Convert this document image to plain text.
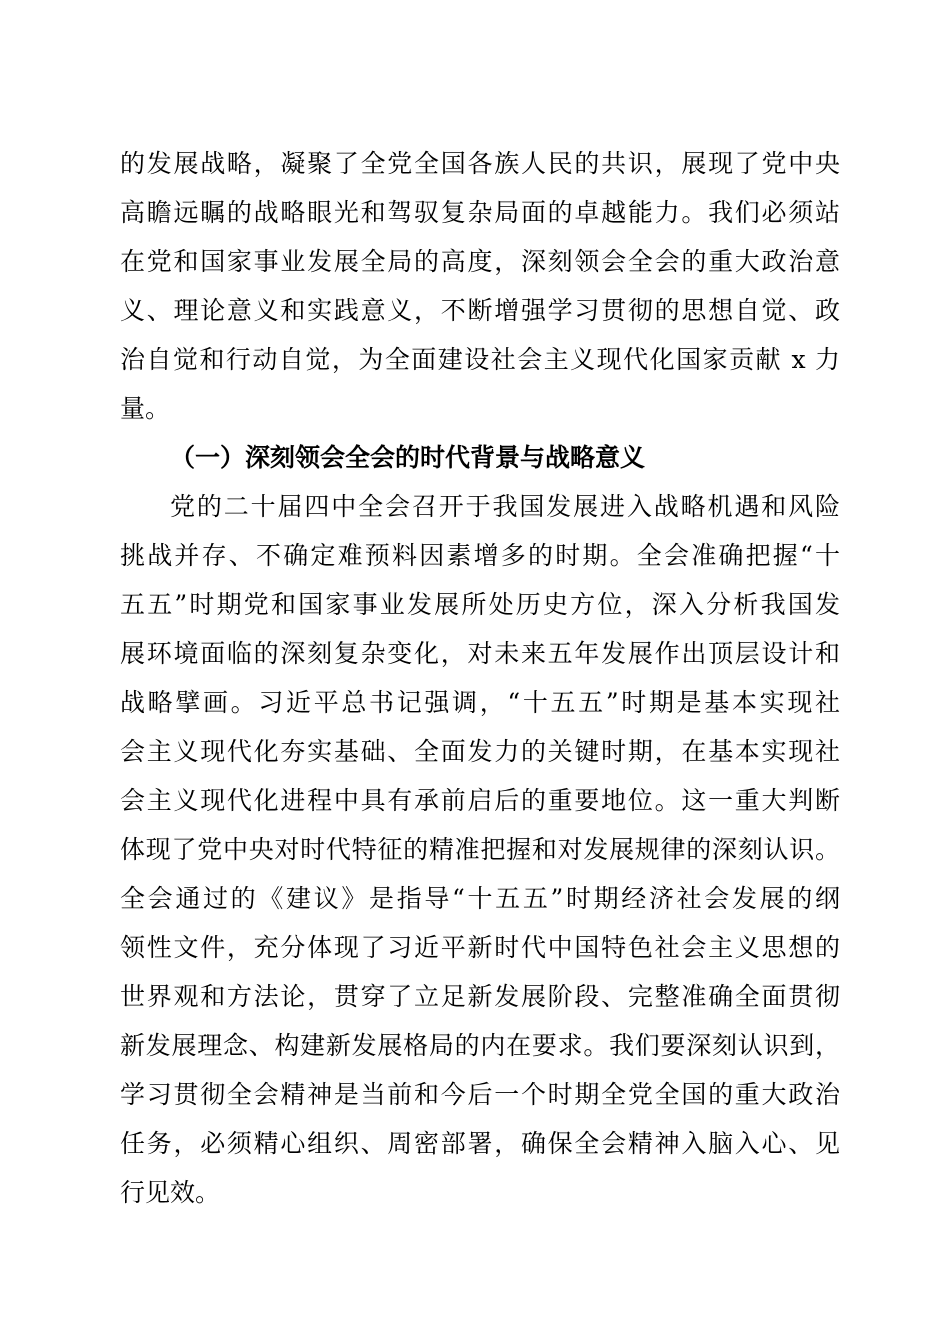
的发展战略，凝聚了全党全国各族人民的共识，展现了党中央
高瞻远瞩的战略眼光和驾驭复杂局面的卓越能力。我们必须站
在党和国家事业发展全局的高度，深刻领会全会的重大政治意
义、理论意义和实践意义，不断增强学习贯彻的思想自觉、政
治自觉和行动自觉，为全面建设社会主义现代化国家贡献 x 力
量。
（一）深刻领会全会的时代背景与战略意义
党的二十届四中全会召开于我国发展进入战略机遇和风险
挑战并存、不确定难预料因素增多的时期。全会准确把握“十
五五”时期党和国家事业发展所处历史方位，深入分析我国发
展环境面临的深刻复杂变化，对未来五年发展作出顶层设计和
战略擘画。习近平总书记强调，“十五五”时期是基本实现社
会主义现代化夯实基础、全面发力的关键时期，在基本实现社
会主义现代化进程中具有承前启后的重要地位。这一重大判断
体现了党中央对时代特征的精准把握和对发展规律的深刻认识。
全会通过的《建议》是指导“十五五”时期经济社会发展的纲
领性文件，充分体现了习近平新时代中国特色社会主义思想的
世界观和方法论，贯穿了立足新发展阶段、完整准确全面贯彻
新发展理念、构建新发展格局的内在要求。我们要深刻认识到，
学习贯彻全会精神是当前和今后一个时期全党全国的重大政治
任务，必须精心组织、周密部署，确保全会精神入脑入心、见
行见效。
